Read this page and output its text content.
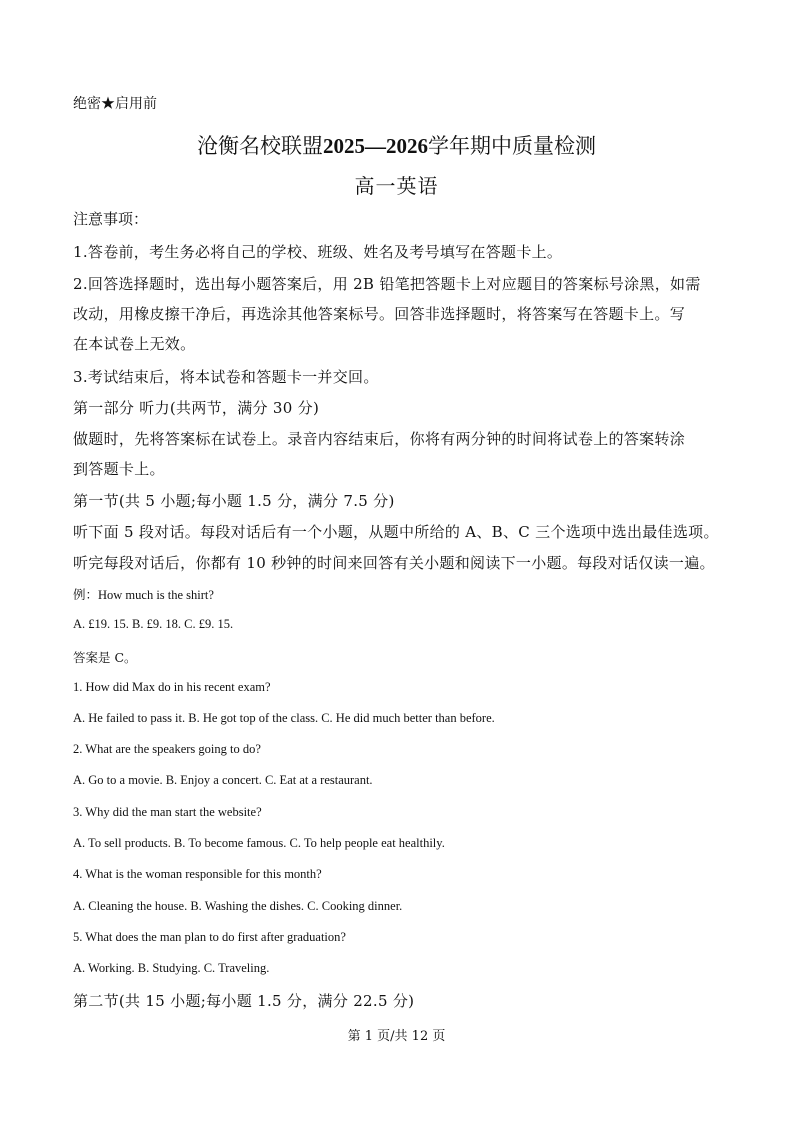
绝密★启用前
沧衡名校联盟2025—2026学年期中质量检测
高一英语
注意事项：
1.答卷前，考生务必将自己的学校、班级、姓名及考号填写在答题卡上。
2.回答选择题时，选出每小题答案后，用 2B 铅笔把答题卡上对应题目的答案标号涂黑，如需
改动，用橡皮擦干净后，再选涂其他答案标号。回答非选择题时，将答案写在答题卡上。写
在本试卷上无效。
3.考试结束后，将本试卷和答题卡一并交回。
第一部分 听力(共两节，满分 30 分)
做题时，先将答案标在试卷上。录音内容结束后，你将有两分钟的时间将试卷上的答案转涂
到答题卡上。
第一节(共 5 小题;每小题 1.5 分，满分 7.5 分)
听下面 5 段对话。每段对话后有一个小题，从题中所给的 A、B、C 三个选项中选出最佳选项。
听完每段对话后，你都有 10 秒钟的时间来回答有关小题和阅读下一小题。每段对话仅读一遍。
例：How much is the shirt?
A. £19. 15. B. £9. 18. C. £9. 15.
答案是 C。
1. How did Max do in his recent exam?
A. He failed to pass it. B. He got top of the class. C. He did much better than before.
2. What are the speakers going to do?
A. Go to a movie. B. Enjoy a concert. C. Eat at a restaurant.
3. Why did the man start the website?
A. To sell products. B. To become famous. C. To help people eat healthily.
4. What is the woman responsible for this month?
A. Cleaning the house. B. Washing the dishes. C. Cooking dinner.
5. What does the man plan to do first after graduation?
A. Working. B. Studying. C. Traveling.
第二节(共 15 小题;每小题 1.5 分，满分 22.5 分)
第 1 页/共 12 页
